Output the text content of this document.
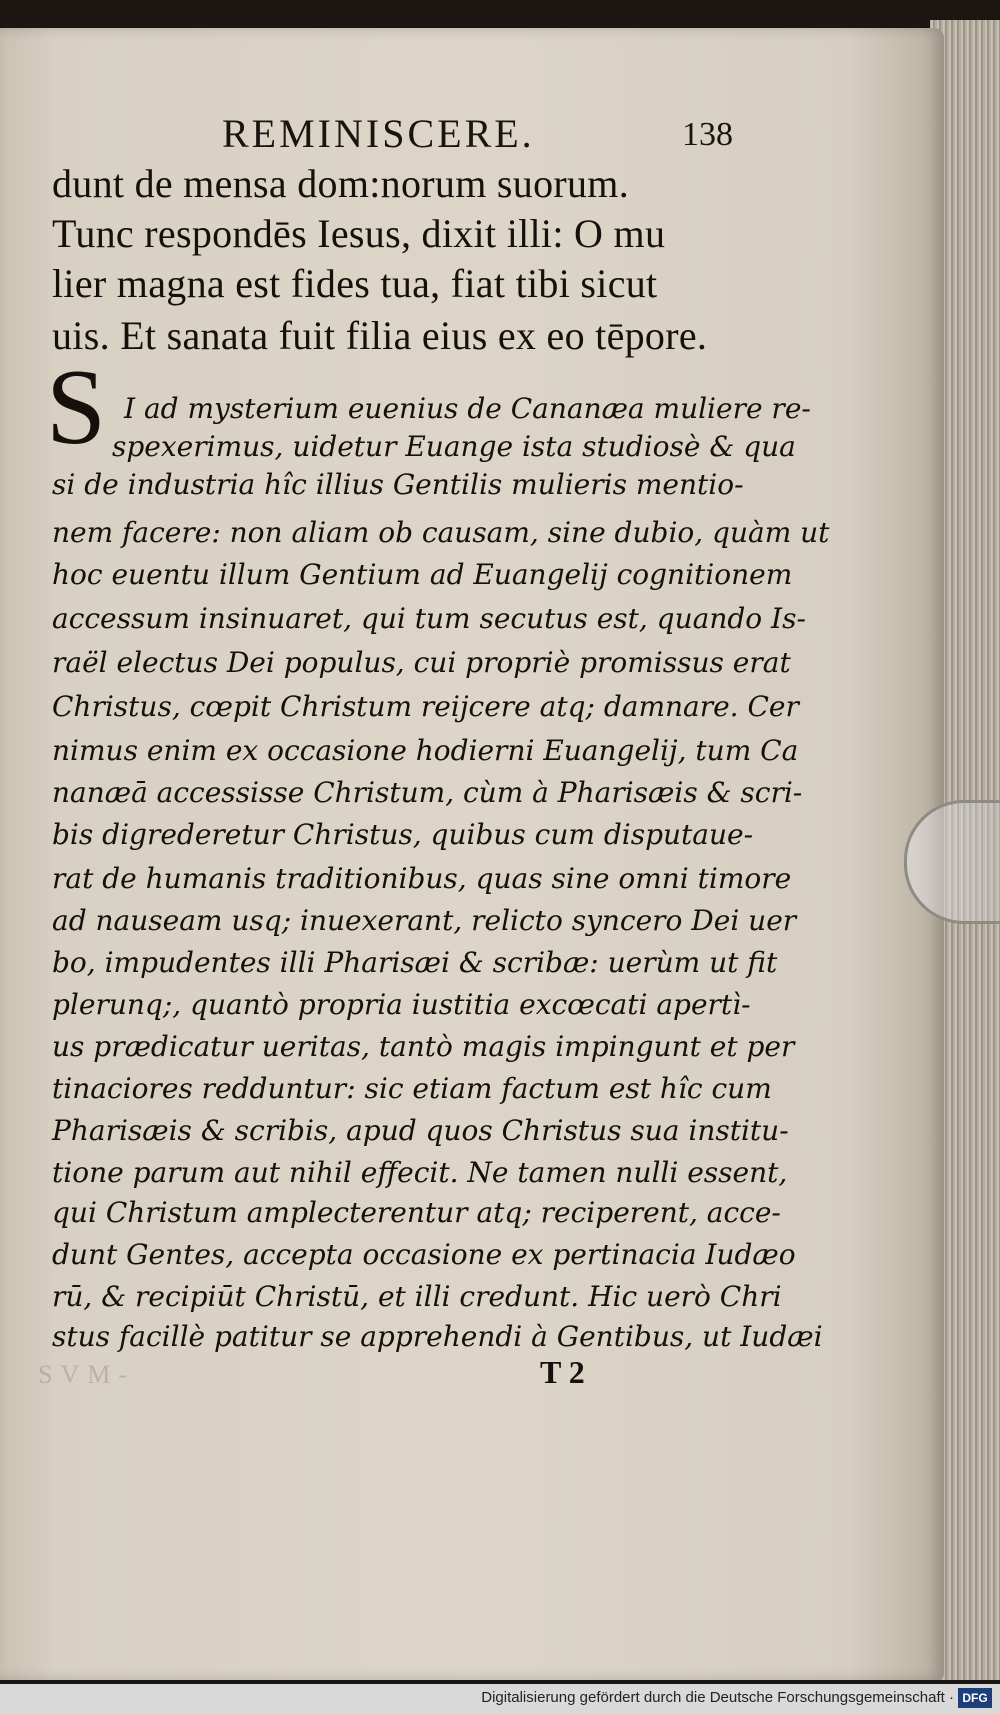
REMINISCERE.	138
dunt de mensa dom:norum suorum.
Tunc respondēs Iesus, dixit illi: O mu
lier magna est fides tua, fiat tibi sicut
uis. Et sanata fuit filia eius ex eo tēpore.
S I ad mysterium euenius de Cananæa muliere re-
spexerimus, uidetur Euange ista studiosè & qua
si de industria hîc illius Gentilis mulieris mentio-
nem facere: non aliam ob causam, sine dubio, quàm ut
hoc euentu illum Gentium ad Euangelij cognitionem
accessum insinuaret, qui tum secutus est, quando Is-
raël electus Dei populus, cui propriè promissus erat
Christus, cœpit Christum reijcere atq; damnare. Cer
nimus enim ex occasione hodierni Euangelij, tum Ca
nanæā accessisse Christum, cùm à Pharisæis & scri-
bis digrederetur Christus, quibus cum disputaue-
rat de humanis traditionibus, quas sine omni timore
ad nauseam usq; inuexerant, relicto syncero Dei uer
bo, impudentes illi Pharisæi & scribæ: uerùm ut fit
plerunq;, quantò propria iustitia excœcati apertì-
us prædicatur ueritas, tantò magis impingunt et per
tinaciores redduntur: sic etiam factum est hîc cum
Pharisæis & scribis, apud quos Christus sua institu-
tione parum aut nihil effecit. Ne tamen nulli essent,
qui Christum amplecterentur atq; reciperent, acce-
dunt Gentes, accepta occasione ex pertinacia Iudæo
rū, & recipiūt Christū, et illi credunt. Hic uerò Chri
stus facillè patitur se apprehendi à Gentibus, ut Iudæi
SVM-	T 2
Digitalisierung gefördert durch die Deutsche Forschungsgemeinschaft · DFG
